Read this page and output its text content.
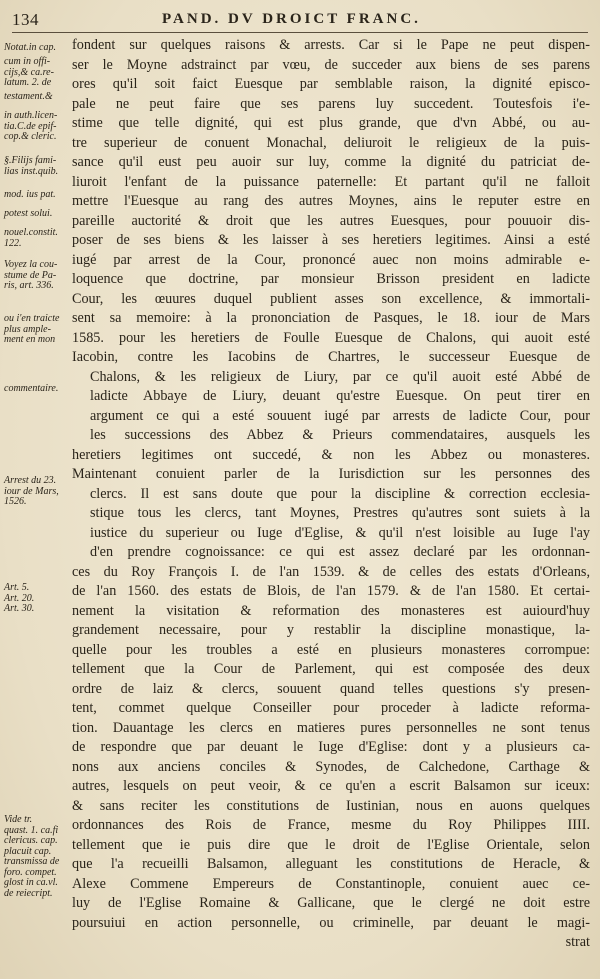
134	PAND. DV DROICT FRANC.
Notat.in cap.
cum in offi-
cijs,& ca.re-
latum. 2. de
testament.&
in auth.licen-
tia.C.de epif-
cop.& cleric.
§.Filijs fami-
lias inst.quib.
mod. ius pat.
potest solui.
nouel.constit.
122.
Voyez la cou-
stume de Pa-
ris, art. 336.
ou i'en traicte
plus ample-
ment en mon
commentaire.
Arrest du 23.
iour de Mars,
1526.
Art. 5.
Art. 20.
Art. 30.
Vide tr.
quast. 1. ca.fi
clericus. cap.
placuit cap.
transmissa de
foro. compet.
glost in ca.vl.
de reiecript.
fondent sur quelques raisons & arrests. Car si le Pape ne peut dispen-
ser le Moyne adstrainct par vœu, de succeder aux biens de ses parens
ores qu'il soit faict Euesque par semblable raison, la dignité episco-
pale ne peut faire que ses parens luy succedent. Toutesfois i'e-
stime que telle dignité, qui est plus grande, que d'vn Abbé, ou au-
tre superieur de conuent Monachal, deliuroit le religieux de la puis-
sance qu'il eust peu auoir sur luy, comme la dignité du patriciat de-
liuroit l'enfant de la puissance paternelle: Et partant qu'il ne falloit
mettre l'Euesque au rang des autres Moynes, ains le reputer estre en
pareille auctorité & droit que les autres Euesques, pour pouuoir dis-
poser de ses biens & les laisser à ses heretiers legitimes. Ainsi a esté
iugé par arrest de la Cour, prononcé auec non moins admirable e-
loquence que doctrine, par monsieur Brisson president en ladicte
Cour, les œuures duquel publient asses son excellence, & immortali-
sent sa memoire: à la prononciation de Pasques, le 18. iour de Mars
1585. pour les heretiers de Foulle Euesque de Chalons, qui auoit esté
Iacobin, contre les Iacobins de Chartres, le successeur Euesque de
Chalons, & les religieux de Liury, par ce qu'il auoit esté Abbé de
ladicte Abbaye de Liury, deuant qu'estre Euesque. On peut tirer en
argument ce qui a esté souuent iugé par arrests de ladicte Cour, pour
les successions des Abbez & Prieurs commendataires, ausquels les
heretiers legitimes ont succedé, & non les Abbez ou monasteres.
Maintenant conuient parler de la Iurisdiction sur les personnes des
clercs. Il est sans doute que pour la discipline & correction ecclesia-
stique tous les clercs, tant Moynes, Prestres qu'autres sont suiets à la
iustice du superieur ou Iuge d'Eglise, & qu'il n'est loisible au Iuge l'ay
d'en prendre cognoissance: ce qui est assez declaré par les ordonnan-
ces du Roy François I. de l'an 1539. & de celles des estats d'Orleans,
de l'an 1560. des estats de Blois, de l'an 1579. & de l'an 1580. Et certai-
nement la visitation & reformation des monasteres est auiourd'huy
grandement necessaire, pour y restablir la discipline monastique, la-
quelle pour les troubles a esté en plusieurs monasteres corrompue:
tellement que la Cour de Parlement, qui est composée des deux
ordre de laiz & clercs, souuent quand telles questions s'y presen-
tent, commet quelque Conseiller pour proceder à ladicte reforma-
tion. Dauantage les clercs en matieres pures personnelles ne sont tenus
de respondre que par deuant le Iuge d'Eglise: dont y a plusieurs ca-
nons aux anciens conciles & Synodes, de Calchedone, Carthage &
autres, lesquels on peut veoir, & ce qu'en a escrit Balsamon sur iceux:
& sans reciter les constitutions de Iustinian, nous en auons quelques
ordonnances des Rois de France, mesme du Roy Philippes IIII.
tellement que ie puis dire que le droit de l'Eglise Orientale, selon
que l'a recueilli Balsamon, alleguant les constitutions de Heracle, &
Alexe Commene Empereurs de Constantinople, conuient auec ce-
luy de l'Eglise Romaine & Gallicane, que le clergé ne doit estre
poursuiui en action personnelle, ou criminelle, par deuant le magi-
strat
